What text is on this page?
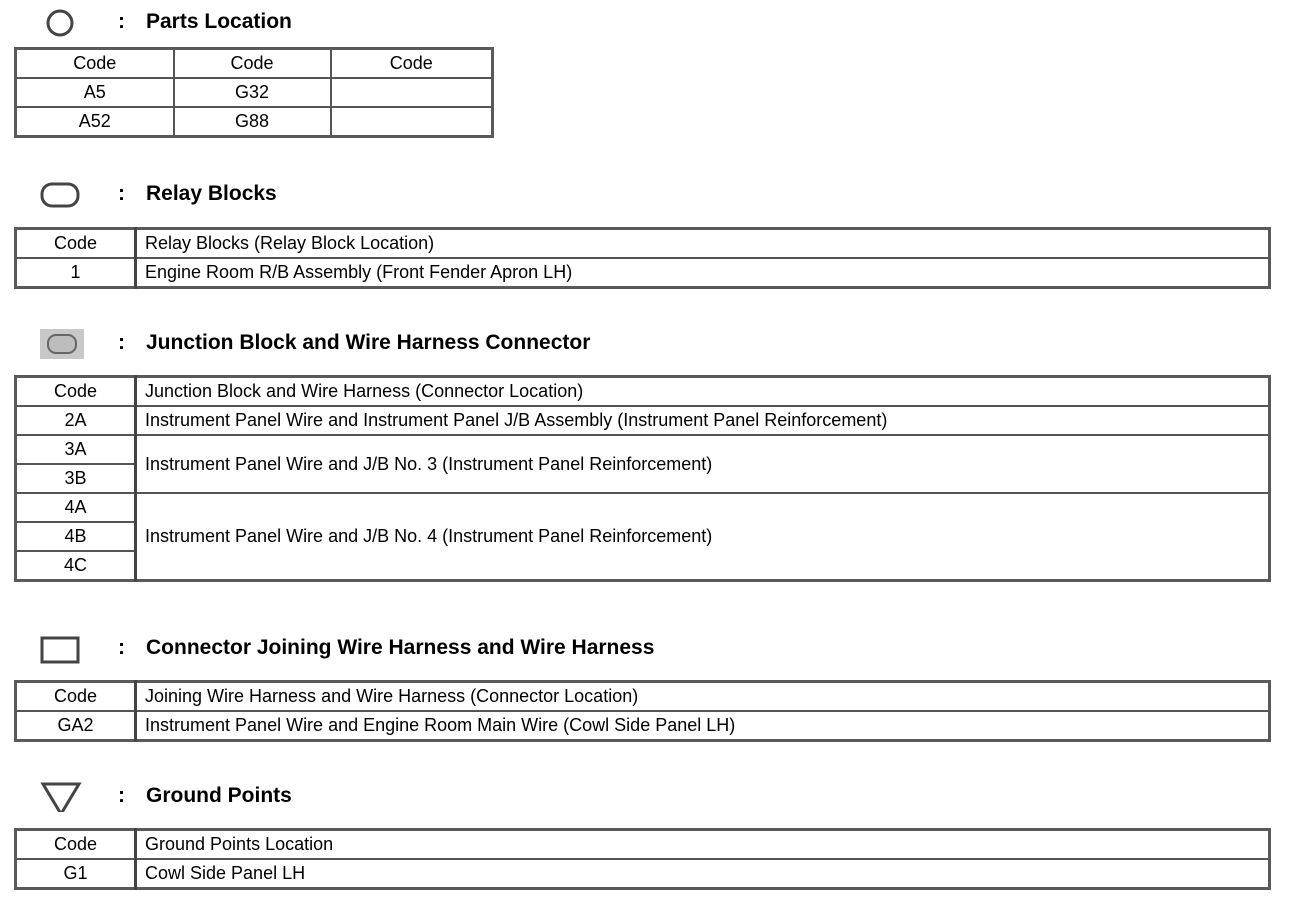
: Parts Location
Code	Code	Code
A5	G32	
A52	G88	
: Relay Blocks
Code	Relay Blocks (Relay Block Location)
1	Engine Room R/B Assembly (Front Fender Apron LH)
: Junction Block and Wire Harness Connector
Code	Junction Block and Wire Harness (Connector Location)
2A	Instrument Panel Wire and Instrument Panel J/B Assembly (Instrument Panel Reinforcement)
3A	Instrument Panel Wire and J/B No. 3 (Instrument Panel Reinforcement)
3B	
4A	Instrument Panel Wire and J/B No. 4 (Instrument Panel Reinforcement)
4B	
4C	
: Connector Joining Wire Harness and Wire Harness
Code	Joining Wire Harness and Wire Harness (Connector Location)
GA2	Instrument Panel Wire and Engine Room Main Wire (Cowl Side Panel LH)
: Ground Points
Code	Ground Points Location
G1	Cowl Side Panel LH
